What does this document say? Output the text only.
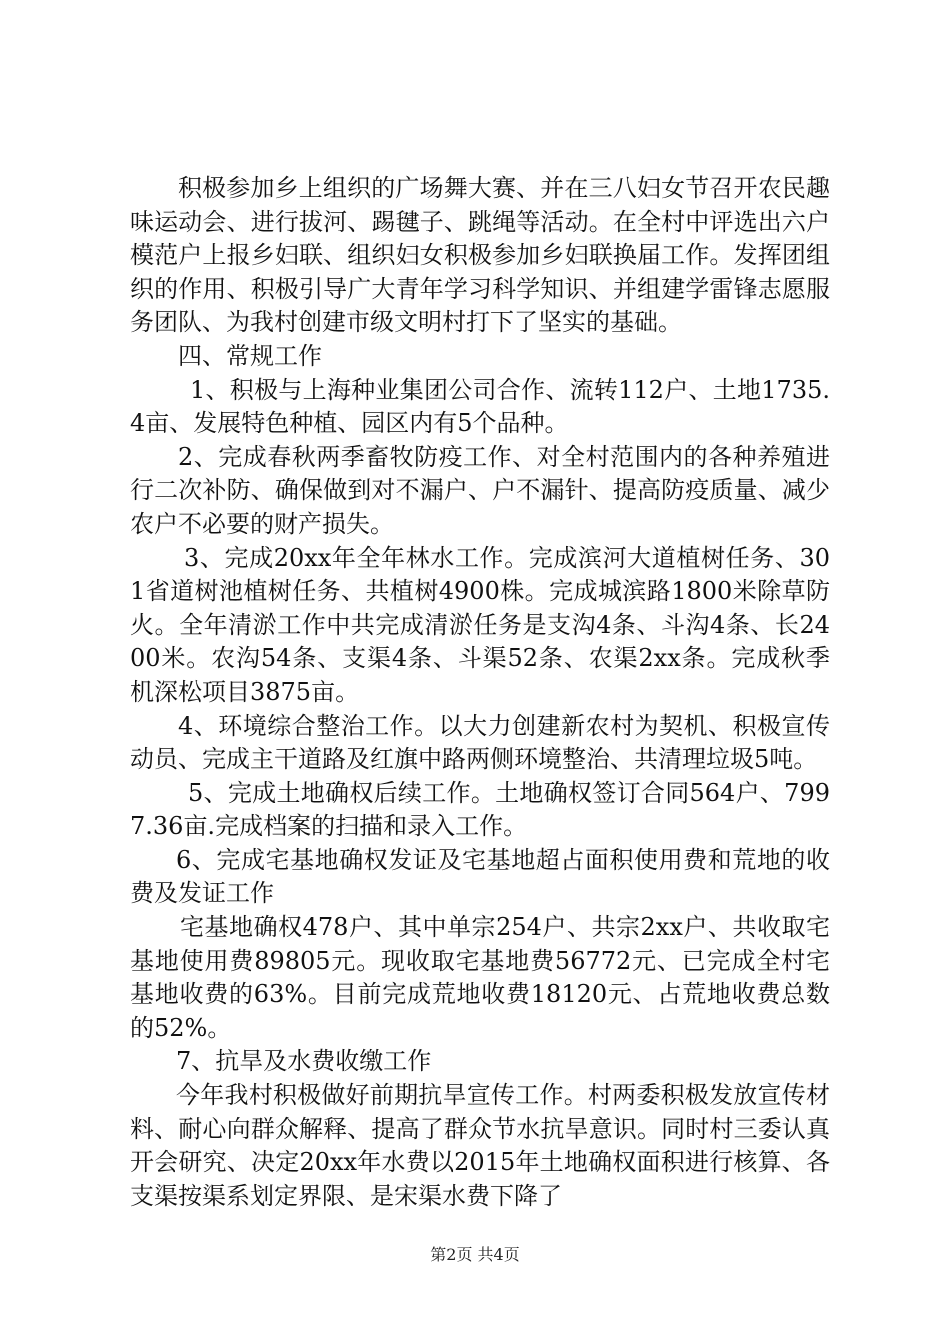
积极参加乡上组织的广场舞大赛、并在三八妇女节召开农民趣味运动会、进行拔河、踢毽子、跳绳等活动。在全村中评选出六户模范户上报乡妇联、组织妇女积极参加乡妇联换届工作。发挥团组织的作用、积极引导广大青年学习科学知识、并组建学雷锋志愿服务团队、为我村创建市级文明村打下了坚实的基础。

四、常规工作

1、积极与上海种业集团公司合作、流转112户、土地1735.4亩、发展特色种植、园区内有5个品种。

2、完成春秋两季畜牧防疫工作、对全村范围内的各种养殖进行二次补防、确保做到对不漏户、户不漏针、提高防疫质量、减少农户不必要的财产损失。

3、完成20xx年全年林水工作。完成滨河大道植树任务、301省道树池植树任务、共植树4900株。完成城滨路1800米除草防火。全年清淤工作中共完成清淤任务是支沟4条、斗沟4条、长2400米。农沟54条、支渠4条、斗渠52条、农渠2xx条。完成秋季机深松项目3875亩。

4、环境综合整治工作。以大力创建新农村为契机、积极宣传动员、完成主干道路及红旗中路两侧环境整治、共清理垃圾5吨。

5、完成土地确权后续工作。土地确权签订合同564户、7997.36亩.完成档案的扫描和录入工作。

6、完成宅基地确权发证及宅基地超占面积使用费和荒地的收费及发证工作

宅基地确权478户、其中单宗254户、共宗2xx户、共收取宅基地使用费89805元。现收取宅基地费56772元、已完成全村宅基地收费的63%。目前完成荒地收费18120元、占荒地收费总数的52%。

7、抗旱及水费收缴工作

今年我村积极做好前期抗旱宣传工作。村两委积极发放宣传材料、耐心向群众解释、提高了群众节水抗旱意识。同时村三委认真开会研究、决定20xx年水费以2015年土地确权面积进行核算、各支渠按渠系划定界限、是宋渠水费下降了

第2页 共4页
